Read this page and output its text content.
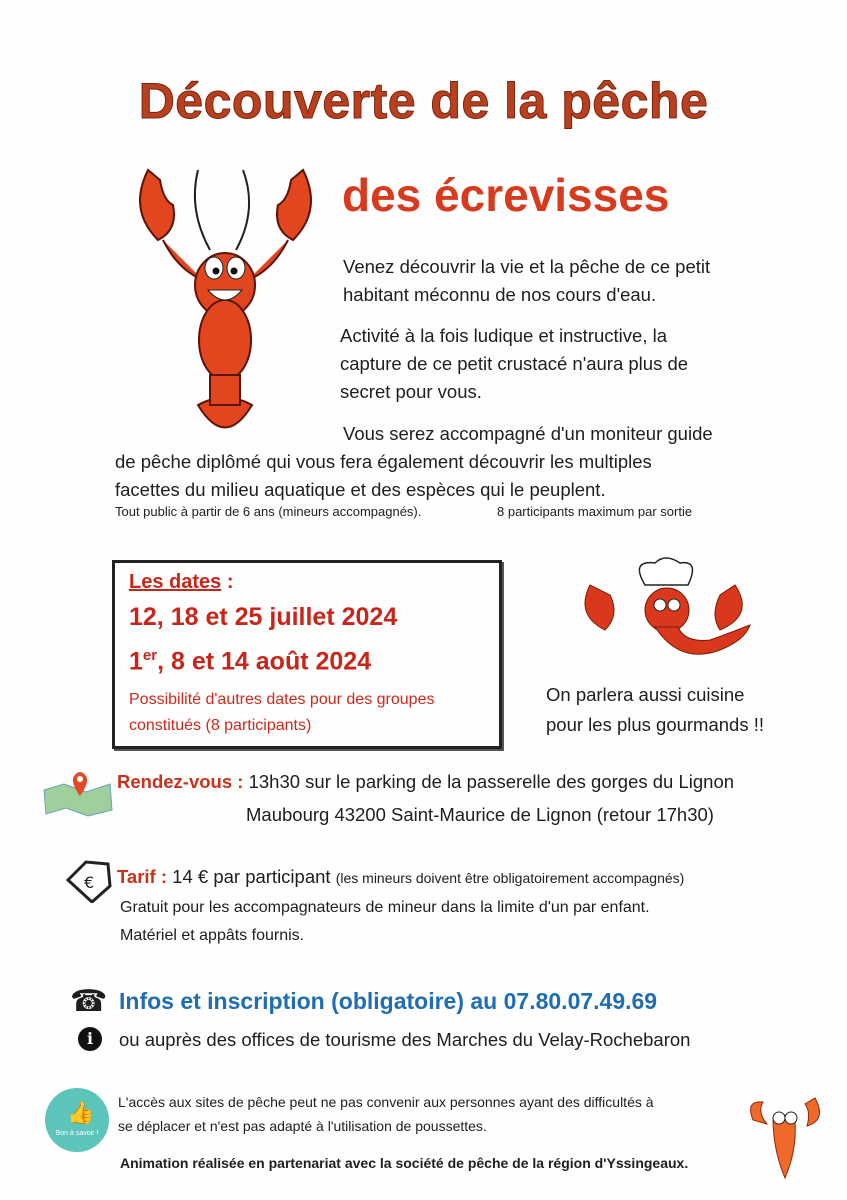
Découverte de la pêche
des écrevisses
Venez découvrir la vie et la pêche de ce petit
habitant méconnu de nos cours d'eau.
Activité à la fois ludique et instructive, la
capture de ce petit crustacé n'aura plus de
secret pour vous.
Vous serez accompagné d'un moniteur guide
de pêche diplômé qui vous fera également découvrir les multiples
facettes du milieu aquatique et des espèces qui le peuplent.
Tout public à partir de 6 ans (mineurs accompagnés).	8 participants maximum par sortie
Les dates :
12, 18 et 25 juillet 2024
1er, 8 et 14 août 2024
Possibilité d'autres dates pour des groupes
constitués (8 participants)
On parlera aussi cuisine
pour les plus gourmands !!
Rendez-vous : 13h30 sur le parking de la passerelle des gorges du Lignon
Maubourg 43200 Saint-Maurice de Lignon (retour 17h30)
€ Tarif : 14 € par participant (les mineurs doivent être obligatoirement accompagnés)
Gratuit pour les accompagnateurs de mineur dans la limite d'un par enfant.
Matériel et appâts fournis.
☎ Infos et inscription (obligatoire) au 07.80.07.49.69
i	ou auprès des offices de tourisme des Marches du Velay-Rochebaron
👍
Bon à savoir !
L'accès aux sites de pêche peut ne pas convenir aux personnes ayant des difficultés à
se déplacer et n'est pas adapté à l'utilisation de poussettes.
Animation réalisée en partenariat avec la société de pêche de la région d'Yssingeaux.
